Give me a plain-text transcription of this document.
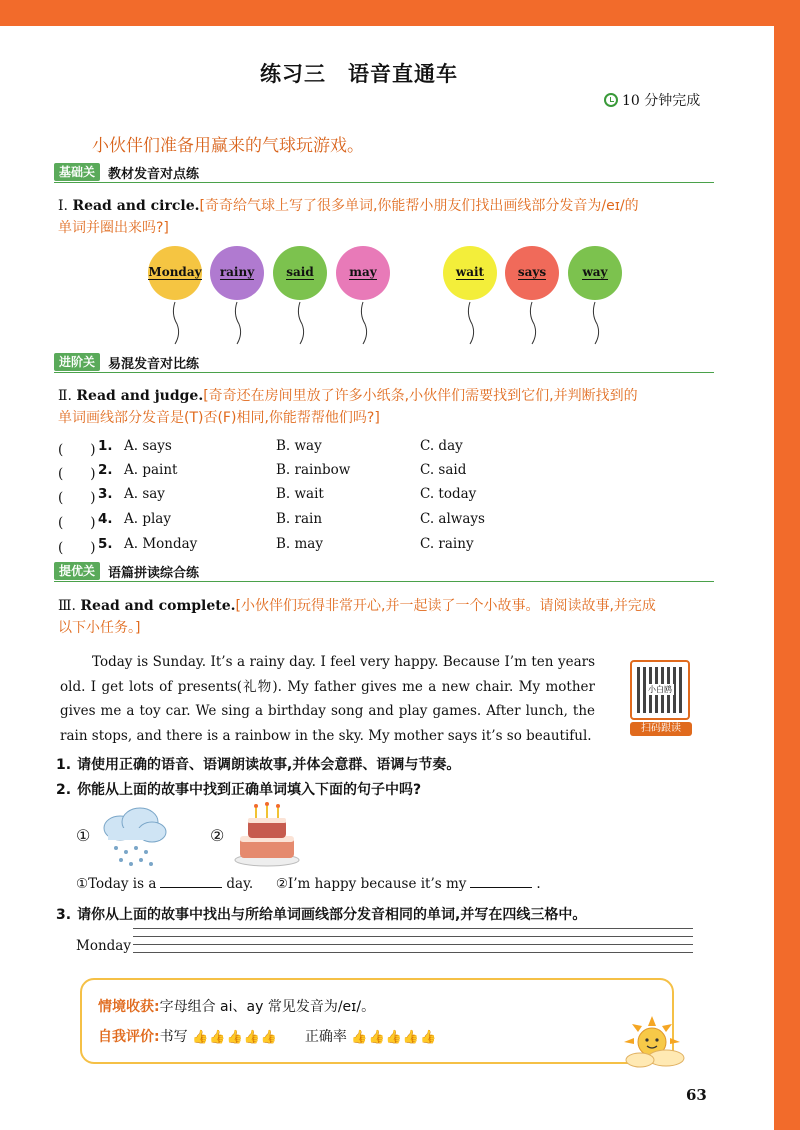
练习三 语音直通车
10 分钟完成
小伙伴们准备用赢来的气球玩游戏。
基础关	教材发音对点练
Ⅰ. Read and circle.[奇奇给气球上写了很多单词,你能帮小朋友们找出画线部分发音为/eɪ/的
单词并圈出来吗?]
Monday rainy	said	may	wait	says	way
进阶关	易混发音对比练
Ⅱ. Read and judge.[奇奇还在房间里放了许多小纸条,小伙伴们需要找到它们,并判断找到的
单词画线部分发音是(T)否(F)相同,你能帮帮他们吗?]
(　　) 1. A. says	B. way	C. day
(　　) 2. A. paint	B. rainbow	C. said
(　　) 3. A. say	B. wait	C. today
(　　) 4. A. play	B. rain	C. always
(　　) 5. A. Monday	B. may	C. rainy
提优关	语篇拼读综合练
Ⅲ. Read and complete.[小伙伴们玩得非常开心,并一起读了一个小故事。请阅读故事,并完成
以下小任务。]

Today is Sunday. It’s a rainy day. I feel very happy. Because I’m ten years old. I get lots of presents(礼物). My father gives me a new chair. My mother gives me a toy car. We sing a birthday song and play games. After lunch, the rain stops, and there is a rainbow in the sky. My mother says it’s so beautiful.

小白鸥
扫码跟读
1. 请使用正确的语音、语调朗读故事,并体会意群、语调与节奏。
2. 你能从上面的故事中找到正确单词填入下面的句子中吗?
①	②
①Today is a	day. ②I’m happy because it’s my	.
3. 请你从上面的故事中找出与所给单词画线部分发音相同的单词,并写在四线三格中。
Monday
情境收获:字母组合 ai、ay 常见发音为/eɪ/。
自我评价:书写 👍👍👍👍👍 正确率 👍👍👍👍👍
63
